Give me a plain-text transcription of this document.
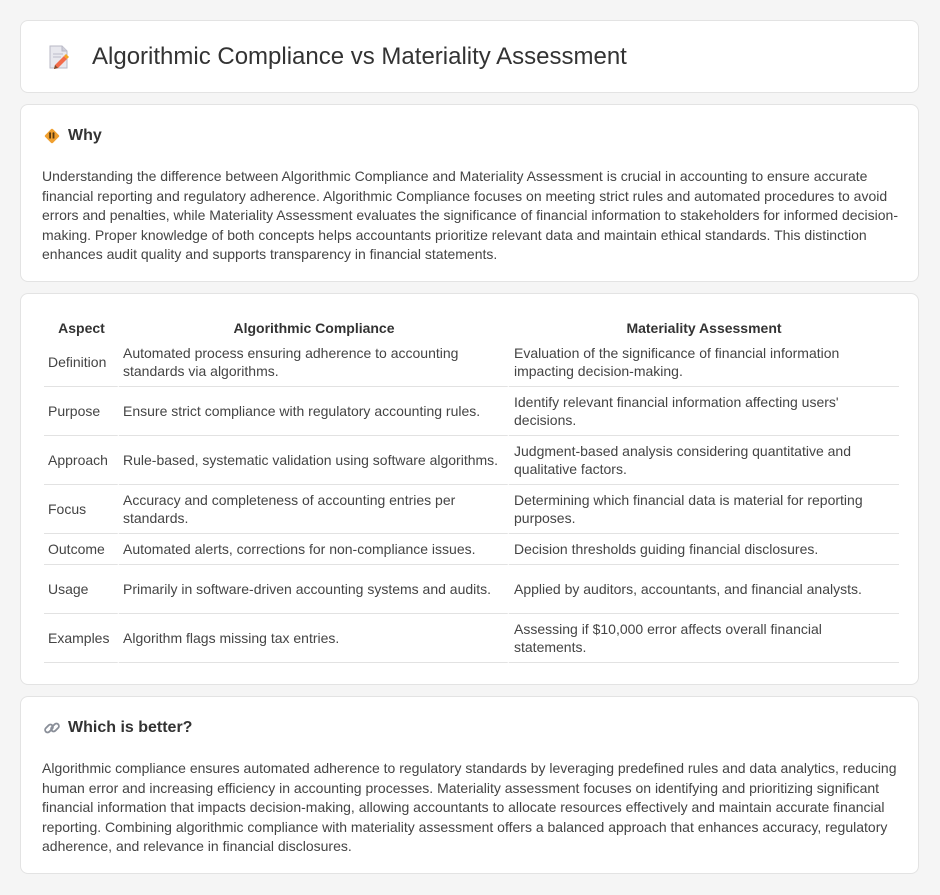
Algorithmic Compliance vs Materiality Assessment
Why

Understanding the difference between Algorithmic Compliance and Materiality Assessment is crucial in accounting to ensure accurate financial reporting and regulatory adherence. Algorithmic Compliance focuses on meeting strict rules and automated procedures to avoid errors and penalties, while Materiality Assessment evaluates the significance of financial information to stakeholders for informed decision-making. Proper knowledge of both concepts helps accountants prioritize relevant data and maintain ethical standards. This distinction enhances audit quality and supports transparency in financial statements.

Aspect	Algorithmic Compliance	Materiality Assessment
Definition	Automated process ensuring adherence to accounting standards via algorithms.	Evaluation of the significance of financial information impacting decision-making.
Purpose	Ensure strict compliance with regulatory accounting rules.	Identify relevant financial information affecting users' decisions.
Approach	Rule-based, systematic validation using software algorithms.	Judgment-based analysis considering quantitative and qualitative factors.
Focus	Accuracy and completeness of accounting entries per standards.	Determining which financial data is material for reporting purposes.
Outcome	Automated alerts, corrections for non-compliance issues.	Decision thresholds guiding financial disclosures.
Usage	Primarily in software-driven accounting systems and audits.	Applied by auditors, accountants, and financial analysts.
Examples	Algorithm flags missing tax entries.	Assessing if $10,000 error affects overall financial statements.
Which is better?

Algorithmic compliance ensures automated adherence to regulatory standards by leveraging predefined rules and data analytics, reducing human error and increasing efficiency in accounting processes. Materiality assessment focuses on identifying and prioritizing significant financial information that impacts decision-making, allowing accountants to allocate resources effectively and maintain accurate financial reporting. Combining algorithmic compliance with materiality assessment offers a balanced approach that enhances accuracy, regulatory adherence, and relevance in financial disclosures.
